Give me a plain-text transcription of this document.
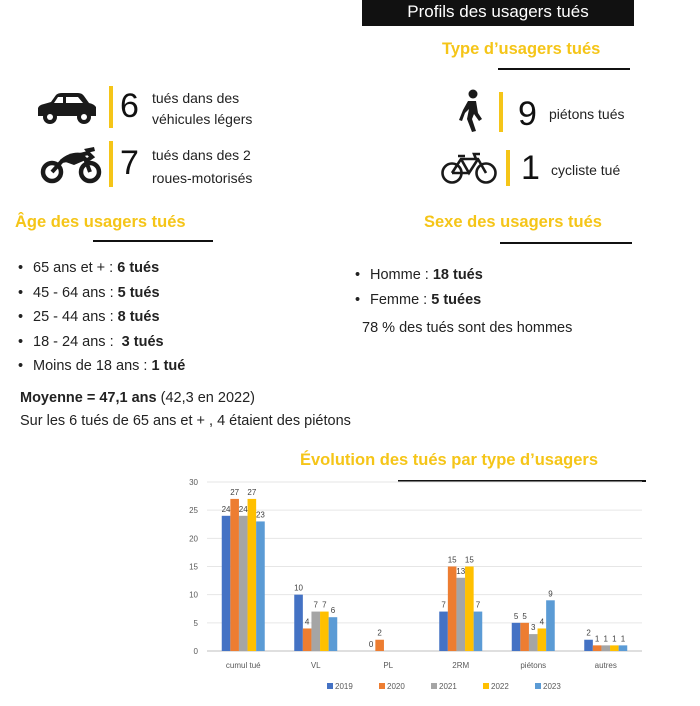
Profils des usagers tués
Type d’usagers tués
6 tués dans des
véhicules légers
7 tués dans des 2
roues-motorisés
9 piétons tués
1 cycliste tué
Âge des usagers tués
• 65 ans et + : 6 tués
• 45 - 64 ans : 5 tués
• 25 - 44 ans : 8 tués
• 18 - 24 ans :  3 tués
• Moins de 18 ans : 1 tué
Moyenne = 47,1 ans (42,3 en 2022)
Sur les 6 tués de 65 ans et + , 4 étaient des piétons
Sexe des usagers tués
• Homme : 18 tués
• Femme : 5 tuées
78 % des tués sont des hommes
Évolution des tués par type d’usagers
0
5
10
15
20
25
30
24
27
24
27
23
cumul tué
10
4
7 7
6
VL
0
2
PL
7
15
13
15
7
2RM
5 5
3
4
9
piétons
2
1 1 1 1
autres
2019	2020	2021	2022	2023
